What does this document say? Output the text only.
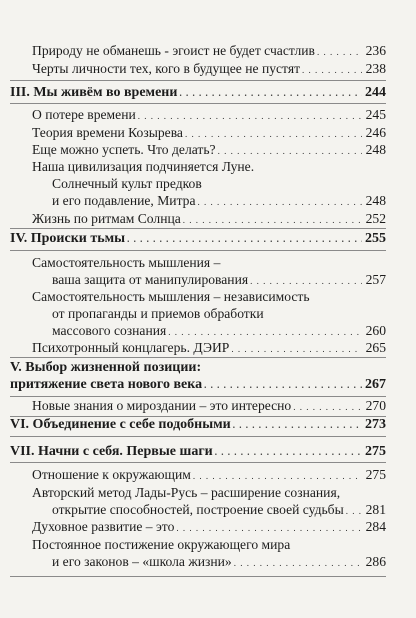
Природу не обманешь - эгоист не будет счастлив . . .	236
Черты личности тех, кого в будущее не пустят . . .	238
III. Мы живём во времени . . .	244
О потере времени . . .	245
Теория времени Козырева . . .	246
Еще можно успеть. Что делать? . . .	248
Наша цивилизация подчиняется Луне.
Солнечный культ предков
и его подавление, Митра . . .	248
Жизнь по ритмам Солнца . . .	252
IV. Происки тьмы . . .	255
Самостоятельность мышления –
ваша защита от манипулирования . . .	257
Самостоятельность мышления – независимость
от пропаганды и приемов обработки
массового сознания . . .	260
Психотронный концлагерь. ДЭИР . . .	265
V. Выбор жизненной позиции:
притяжение света нового века . . .	267
Новые знания о мироздании – это интересно . . .	270
VI. Объединение с себе подобными . . .	273
VII. Начни с себя. Первые шаги . . .	275
Отношение к окружающим . . .	275
Авторский метод Лады-Русь – расширение сознания,
открытие способностей, построение своей судьбы . . . 281
Духовное развитие – это . . .	284
Постоянное постижение окружающего мира
и его законов – «школа жизни» . . .	286
